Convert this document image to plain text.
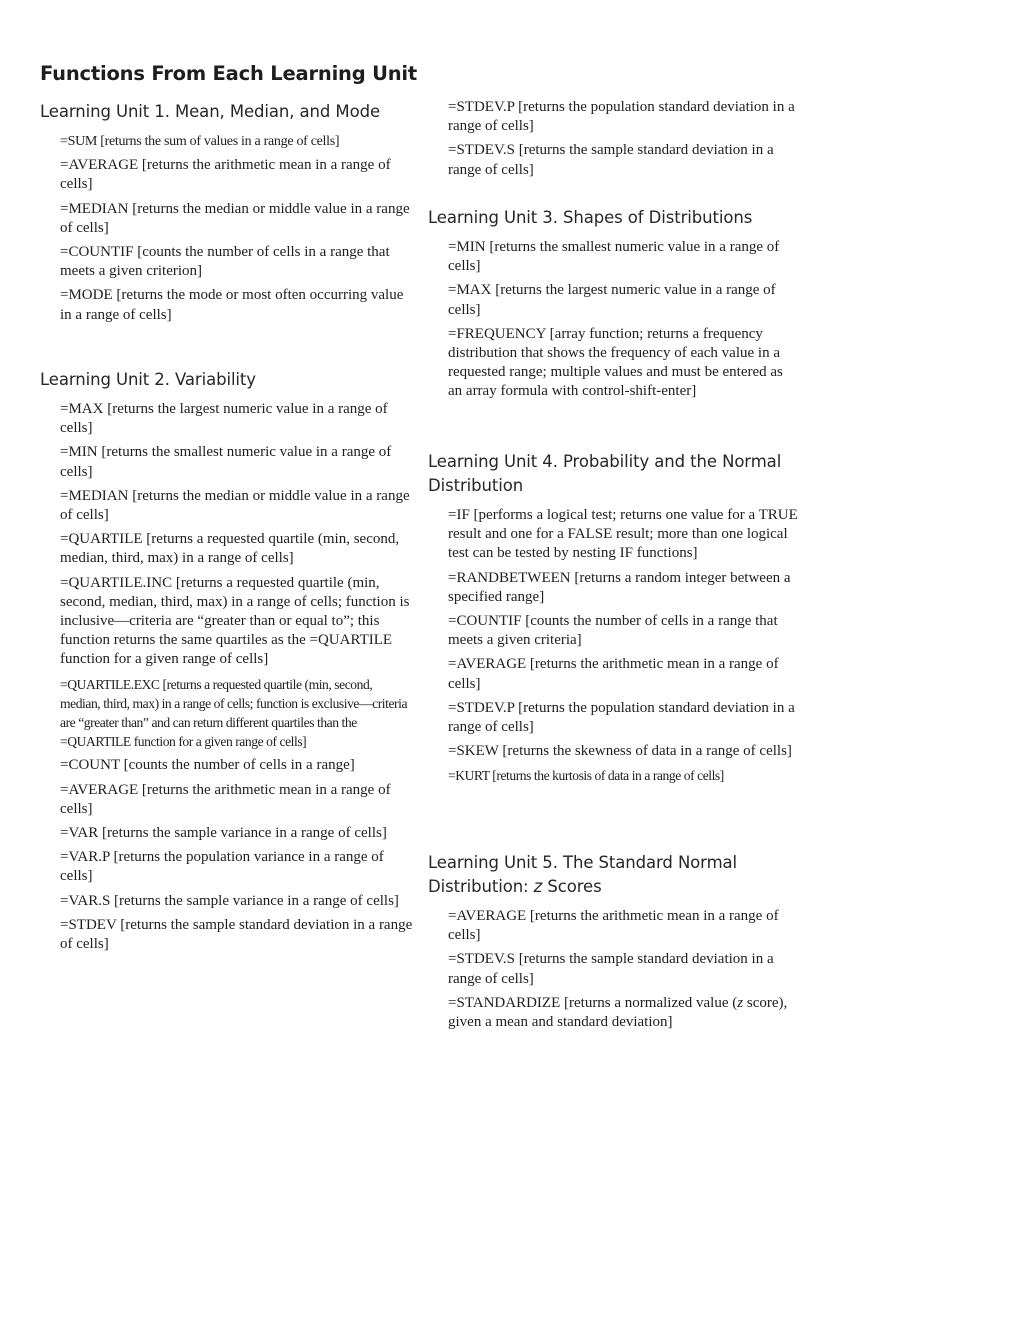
Functions From Each Learning Unit
Learning Unit 1. Mean, Median, and Mode

=SUM [returns the sum of values in a range of cells]

=AVERAGE [returns the arithmetic mean in a range of cells]

=MEDIAN [returns the median or middle value in a range of cells]

=COUNTIF [counts the number of cells in a range that meets a given criterion]

=MODE [returns the mode or most often occurring value in a range of cells]

Learning Unit 2. Variability

=MAX [returns the largest numeric value in a range of cells]

=MIN [returns the smallest numeric value in a range of cells]

=MEDIAN [returns the median or middle value in a range of cells]

=QUARTILE [returns a requested quartile (min, second, median, third, max) in a range of cells]

=QUARTILE.INC [returns a requested quartile (min, second, median, third, max) in a range of cells; function is inclusive—criteria are “greater than or equal to”; this function returns the same quartiles as the =QUARTILE function for a given range of cells]

=QUARTILE.EXC [returns a requested quartile (min, second, median, third, max) in a range of cells; function is exclusive—criteria are “greater than” and can return different quartiles than the =QUARTILE function for a given range of cells]

=COUNT [counts the number of cells in a range]

=AVERAGE [returns the arithmetic mean in a range of cells]

=VAR [returns the sample variance in a range of cells]

=VAR.P [returns the population variance in a range of cells]

=VAR.S [returns the sample variance in a range of cells]

=STDEV [returns the sample standard deviation in a range of cells]

=STDEV.P [returns the population standard deviation in a range of cells]

=STDEV.S [returns the sample standard deviation in a range of cells]

Learning Unit 3. Shapes of Distributions

=MIN [returns the smallest numeric value in a range of cells]

=MAX [returns the largest numeric value in a range of cells]

=FREQUENCY [array function; returns a frequency distribution that shows the frequency of each value in a requested range; multiple values and must be entered as an array formula with control-shift-enter]

Learning Unit 4. Probability and the Normal Distribution

=IF [performs a logical test; returns one value for a TRUE result and one for a FALSE result; more than one logical test can be tested by nesting IF functions]

=RANDBETWEEN [returns a random integer between a specified range]

=COUNTIF [counts the number of cells in a range that meets a given criteria]

=AVERAGE [returns the arithmetic mean in a range of cells]

=STDEV.P [returns the population standard deviation in a range of cells]

=SKEW [returns the skewness of data in a range of cells]

=KURT [returns the kurtosis of data in a range of cells]

Learning Unit 5. The Standard Normal Distribution: z Scores

=AVERAGE [returns the arithmetic mean in a range of cells]

=STDEV.S [returns the sample standard deviation in a range of cells]

=STANDARDIZE [returns a normalized value (z score), given a mean and standard deviation]
